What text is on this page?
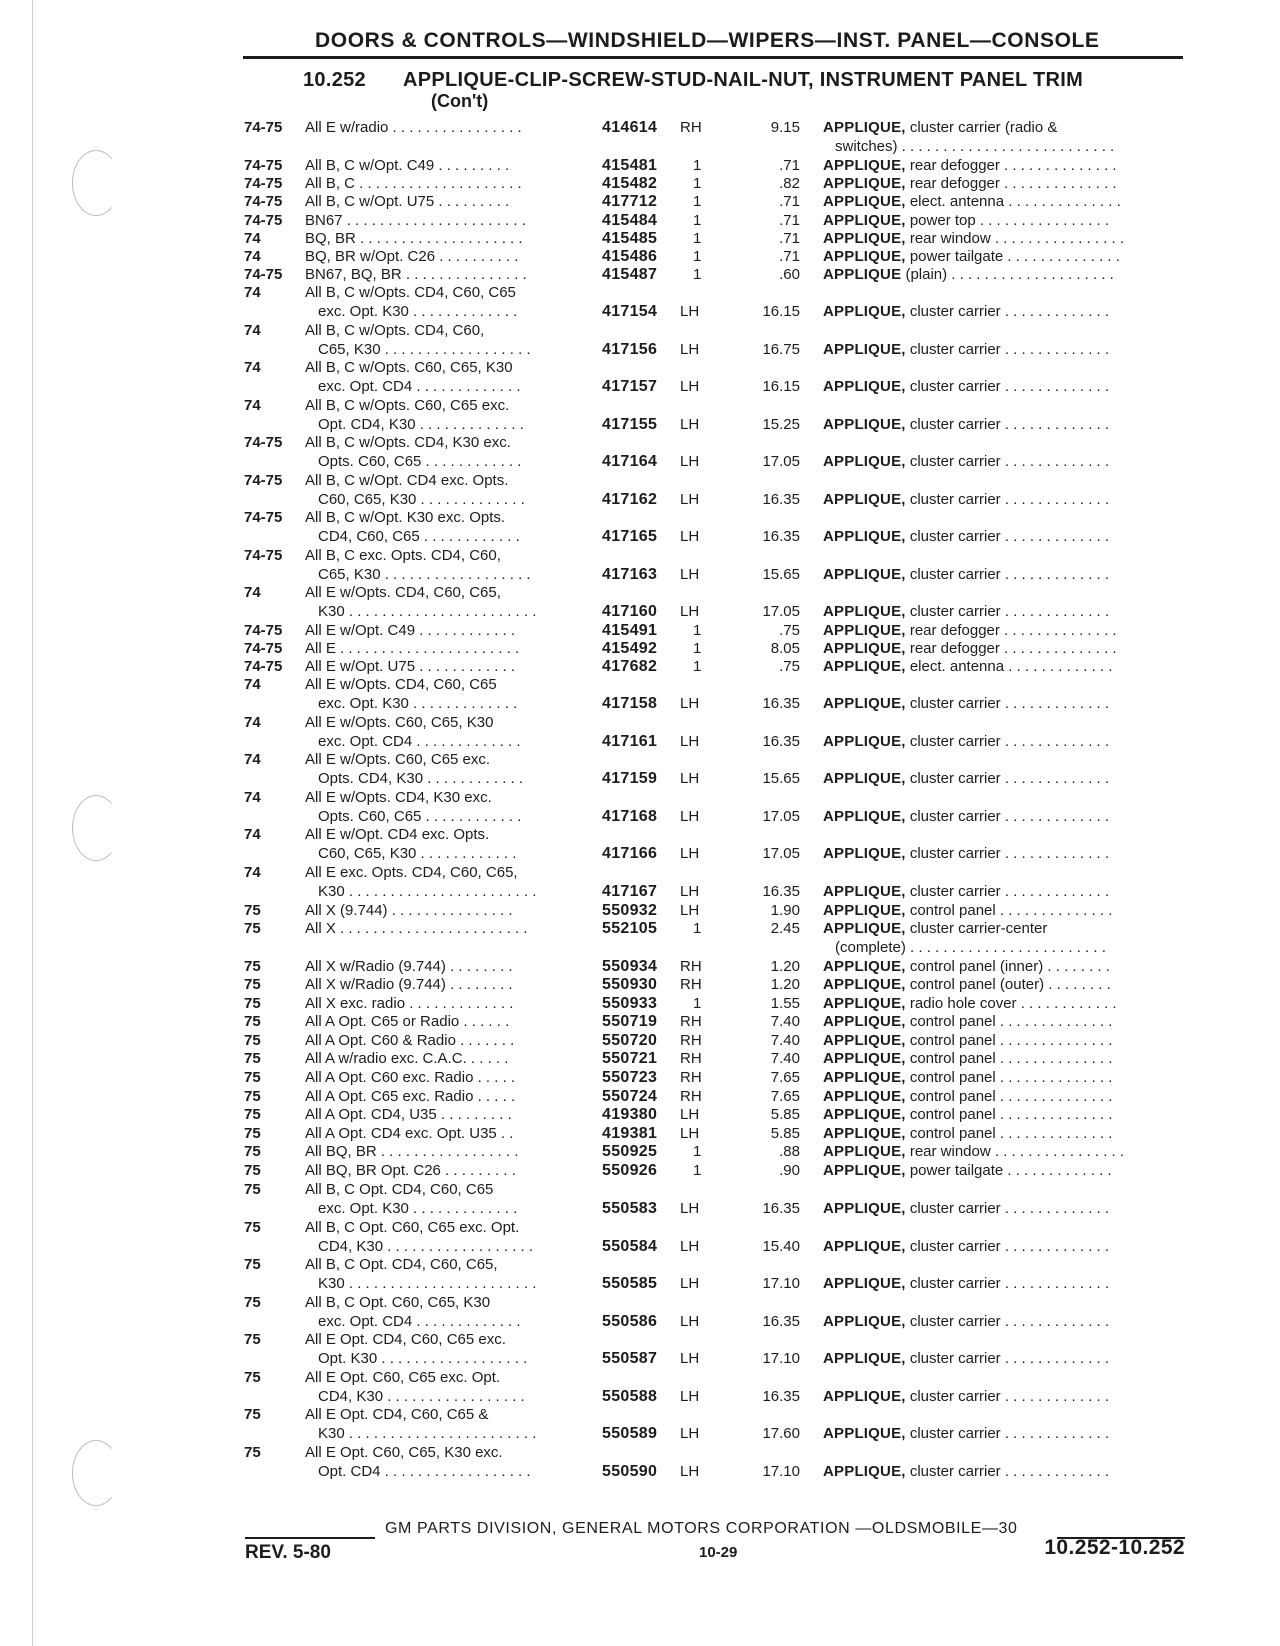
DOORS & CONTROLS—WINDSHIELD—WIPERS—INST. PANEL—CONSOLE
10.252 APPLIQUE-CLIP-SCREW-STUD-NAIL-NUT, INSTRUMENT PANEL TRIM
(Con't)
74-75 All E w/radio . . . . . . . . . . . . . . . .	414614 RH	9.15 APPLIQUE, cluster carrier (radio &
switches) . . . . . . . . . . . . . . . . . . . . . . . . . .
74-75 All B, C w/Opt. C49 . . . . . . . . .	415481 1	.71 APPLIQUE, rear defogger . . . . . . . . . . . . . .
74-75 All B, C . . . . . . . . . . . . . . . . . . . .	415482 1	.82 APPLIQUE, rear defogger . . . . . . . . . . . . . .
74-75 All B, C w/Opt. U75 . . . . . . . . .	417712 1	.71 APPLIQUE, elect. antenna . . . . . . . . . . . . . .
74-75 BN67 . . . . . . . . . . . . . . . . . . . . . .	415484 1	.71 APPLIQUE, power top . . . . . . . . . . . . . . . .
74	BQ, BR . . . . . . . . . . . . . . . . . . . .	415485 1	.71 APPLIQUE, rear window . . . . . . . . . . . . . . . .
74	BQ, BR w/Opt. C26 . . . . . . . . . .	415486 1	.71 APPLIQUE, power tailgate . . . . . . . . . . . . . .
74-75 BN67, BQ, BR . . . . . . . . . . . . . . .	415487 1	.60 APPLIQUE (plain) . . . . . . . . . . . . . . . . . . . .
74	All B, C w/Opts. CD4, C60, C65
exc. Opt. K30 . . . . . . . . . . . . .	417154 LH	16.15 APPLIQUE, cluster carrier . . . . . . . . . . . . .
74	All B, C w/Opts. CD4, C60,
C65, K30 . . . . . . . . . . . . . . . . . .	417156 LH	16.75 APPLIQUE, cluster carrier . . . . . . . . . . . . .
74	All B, C w/Opts. C60, C65, K30
exc. Opt. CD4 . . . . . . . . . . . . .	417157 LH	16.15 APPLIQUE, cluster carrier . . . . . . . . . . . . .
74	All B, C w/Opts. C60, C65 exc.
Opt. CD4, K30 . . . . . . . . . . . . .	417155 LH	15.25 APPLIQUE, cluster carrier . . . . . . . . . . . . .
74-75 All B, C w/Opts. CD4, K30 exc.
Opts. C60, C65 . . . . . . . . . . . .	417164 LH	17.05 APPLIQUE, cluster carrier . . . . . . . . . . . . .
74-75 All B, C w/Opt. CD4 exc. Opts.
C60, C65, K30 . . . . . . . . . . . . .	417162 LH	16.35 APPLIQUE, cluster carrier . . . . . . . . . . . . .
74-75 All B, C w/Opt. K30 exc. Opts.
CD4, C60, C65 . . . . . . . . . . . .	417165 LH	16.35 APPLIQUE, cluster carrier . . . . . . . . . . . . .
74-75 All B, C exc. Opts. CD4, C60,
C65, K30 . . . . . . . . . . . . . . . . . .	417163 LH	15.65 APPLIQUE, cluster carrier . . . . . . . . . . . . .
74	All E w/Opts. CD4, C60, C65,
K30 . . . . . . . . . . . . . . . . . . . . . . .	417160 LH	17.05 APPLIQUE, cluster carrier . . . . . . . . . . . . .
74-75 All E w/Opt. C49 . . . . . . . . . . . .	415491 1	.75 APPLIQUE, rear defogger . . . . . . . . . . . . . .
74-75 All E . . . . . . . . . . . . . . . . . . . . . .	415492 1	8.05 APPLIQUE, rear defogger . . . . . . . . . . . . . .
74-75 All E w/Opt. U75 . . . . . . . . . . . .	417682 1	.75 APPLIQUE, elect. antenna . . . . . . . . . . . . .
74	All E w/Opts. CD4, C60, C65
exc. Opt. K30 . . . . . . . . . . . . .	417158 LH	16.35 APPLIQUE, cluster carrier . . . . . . . . . . . . .
74	All E w/Opts. C60, C65, K30
exc. Opt. CD4 . . . . . . . . . . . . .	417161 LH	16.35 APPLIQUE, cluster carrier . . . . . . . . . . . . .
74	All E w/Opts. C60, C65 exc.
Opts. CD4, K30 . . . . . . . . . . . .	417159 LH	15.65 APPLIQUE, cluster carrier . . . . . . . . . . . . .
74	All E w/Opts. CD4, K30 exc.
Opts. C60, C65 . . . . . . . . . . . .	417168 LH	17.05 APPLIQUE, cluster carrier . . . . . . . . . . . . .
74	All E w/Opt. CD4 exc. Opts.
C60, C65, K30 . . . . . . . . . . . .	417166 LH	17.05 APPLIQUE, cluster carrier . . . . . . . . . . . . .
74	All E exc. Opts. CD4, C60, C65,
K30 . . . . . . . . . . . . . . . . . . . . . . .	417167 LH	16.35 APPLIQUE, cluster carrier . . . . . . . . . . . . .
75	All X (9.744) . . . . . . . . . . . . . . .	550932 LH	1.90 APPLIQUE, control panel . . . . . . . . . . . . . .
75	All X . . . . . . . . . . . . . . . . . . . . . . .	552105 1	2.45 APPLIQUE, cluster carrier-center
(complete) . . . . . . . . . . . . . . . . . . . . . . . .
75	All X w/Radio (9.744) . . . . . . . .	550934 RH	1.20 APPLIQUE, control panel (inner) . . . . . . . .
75	All X w/Radio (9.744) . . . . . . . .	550930 RH	1.20 APPLIQUE, control panel (outer) . . . . . . . .
75	All X exc. radio . . . . . . . . . . . . .	550933 1	1.55 APPLIQUE, radio hole cover . . . . . . . . . . . .
75	All A Opt. C65 or Radio . . . . . .	550719 RH	7.40 APPLIQUE, control panel . . . . . . . . . . . . . .
75	All A Opt. C60 & Radio . . . . . . .	550720 RH	7.40 APPLIQUE, control panel . . . . . . . . . . . . . .
75	All A w/radio exc. C.A.C. . . . . .	550721 RH	7.40 APPLIQUE, control panel . . . . . . . . . . . . . .
75	All A Opt. C60 exc. Radio . . . . .	550723 RH	7.65 APPLIQUE, control panel . . . . . . . . . . . . . .
75	All A Opt. C65 exc. Radio . . . . .	550724 RH	7.65 APPLIQUE, control panel . . . . . . . . . . . . . .
75	All A Opt. CD4, U35 . . . . . . . . .	419380 LH	5.85 APPLIQUE, control panel . . . . . . . . . . . . . .
75	All A Opt. CD4 exc. Opt. U35 . .	419381 LH	5.85 APPLIQUE, control panel . . . . . . . . . . . . . .
75	All BQ, BR . . . . . . . . . . . . . . . . .	550925 1	.88 APPLIQUE, rear window . . . . . . . . . . . . . . . .
75	All BQ, BR Opt. C26 . . . . . . . . .	550926 1	.90 APPLIQUE, power tailgate . . . . . . . . . . . . .
75	All B, C Opt. CD4, C60, C65
exc. Opt. K30 . . . . . . . . . . . . .	550583 LH	16.35 APPLIQUE, cluster carrier . . . . . . . . . . . . .
75	All B, C Opt. C60, C65 exc. Opt.
CD4, K30 . . . . . . . . . . . . . . . . . .	550584 LH	15.40 APPLIQUE, cluster carrier . . . . . . . . . . . . .
75	All B, C Opt. CD4, C60, C65,
K30 . . . . . . . . . . . . . . . . . . . . . . .	550585 LH	17.10 APPLIQUE, cluster carrier . . . . . . . . . . . . .
75	All B, C Opt. C60, C65, K30
exc. Opt. CD4 . . . . . . . . . . . . .	550586 LH	16.35 APPLIQUE, cluster carrier . . . . . . . . . . . . .
75	All E Opt. CD4, C60, C65 exc.
Opt. K30 . . . . . . . . . . . . . . . . . .	550587 LH	17.10 APPLIQUE, cluster carrier . . . . . . . . . . . . .
75	All E Opt. C60, C65 exc. Opt.
CD4, K30 . . . . . . . . . . . . . . . . .	550588 LH	16.35 APPLIQUE, cluster carrier . . . . . . . . . . . . .
75	All E Opt. CD4, C60, C65 &
K30 . . . . . . . . . . . . . . . . . . . . . . .	550589 LH	17.60 APPLIQUE, cluster carrier . . . . . . . . . . . . .
75	All E Opt. C60, C65, K30 exc.
Opt. CD4 . . . . . . . . . . . . . . . . . .	550590 LH	17.10 APPLIQUE, cluster carrier . . . . . . . . . . . . .
GM PARTS DIVISION, GENERAL MOTORS CORPORATION —OLDSMOBILE—30
REV. 5-80	10-29	10.252-10.252
